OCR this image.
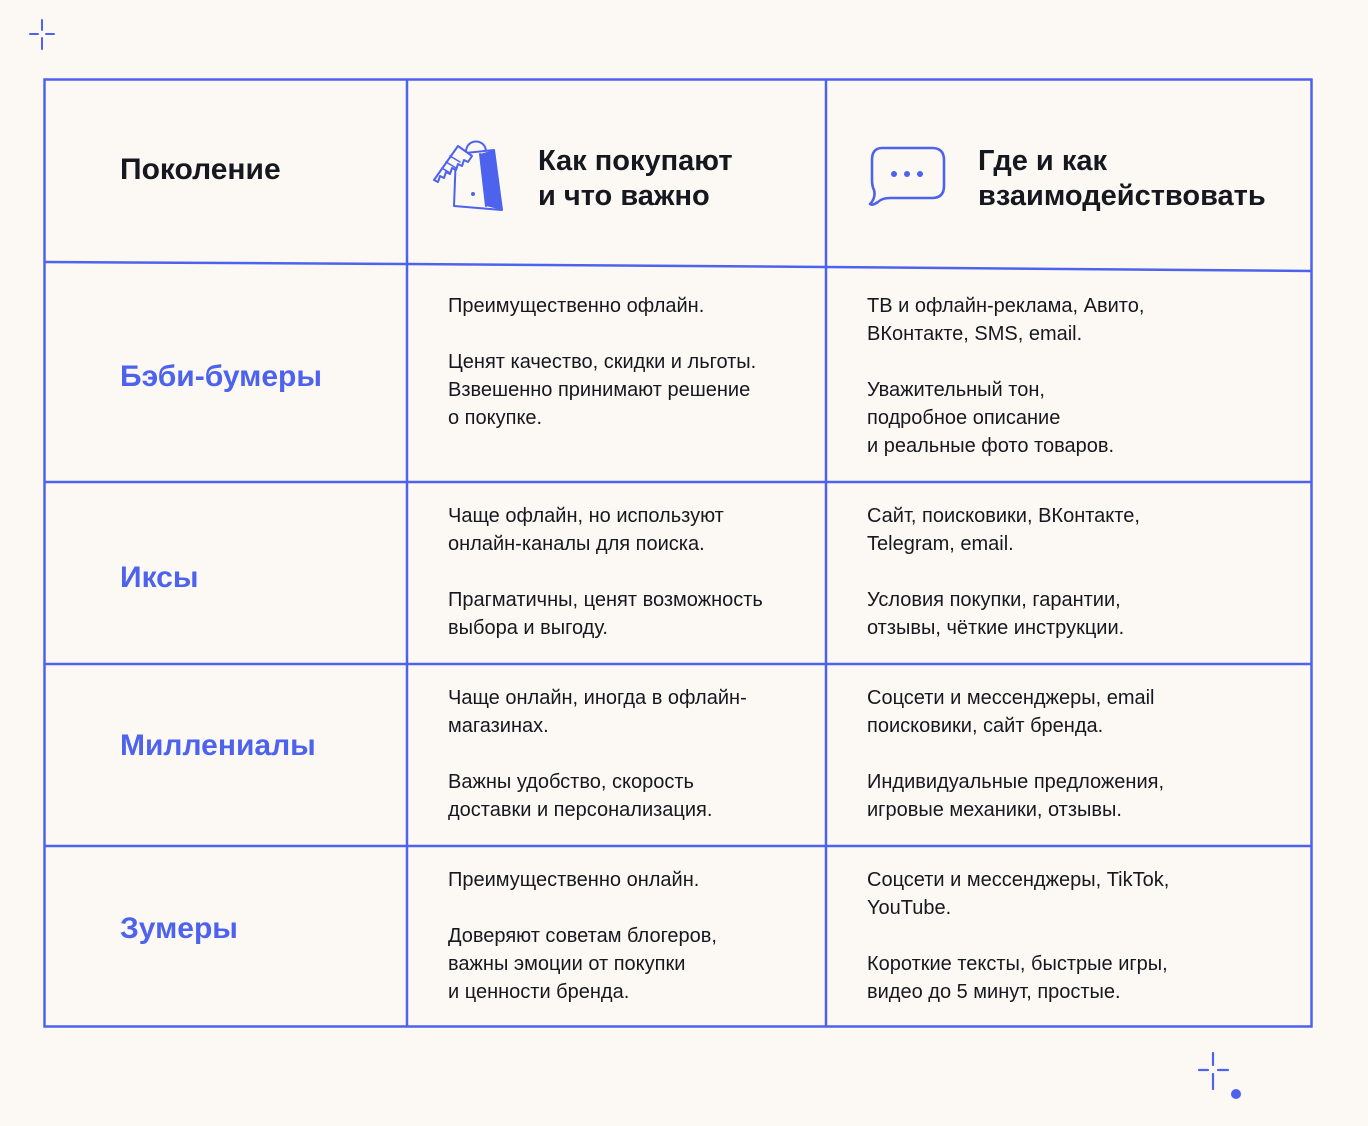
Поколение	Как покупают
и что важно
Где и как
взаимодействовать
Бэби-бумеры

Преимущественно офлайн.

Ценят качество, скидки и льготы.

Взвешенно принимают решение

о покупке.

ТВ и офлайн-реклама, Авито,

ВКонтакте, SMS, email.

Уважительный тон,

подробное описание

и реальные фото товаров.

Иксы

Чаще офлайн, но используют

онлайн-каналы для поиска.

Прагматичны, ценят возможность

выбора и выгоду.

Сайт, поисковики, ВКонтакте,

Telegram, email.

Условия покупки, гарантии,

отзывы, чёткие инструкции.

Миллениалы

Чаще онлайн, иногда в офлайн-

магазинах.

Важны удобство, скорость

доставки и персонализация.

Соцсети и мессенджеры, email

поисковики, сайт бренда.

Индивидуальные предложения,

игровые механики, отзывы.

Зумеры

Преимущественно онлайн.

Доверяют советам блогеров,

важны эмоции от покупки

и ценности бренда.

Соцсети и мессенджеры, TikTok,

YouTube.

Короткие тексты, быстрые игры,

видео до 5 минут, простые.
